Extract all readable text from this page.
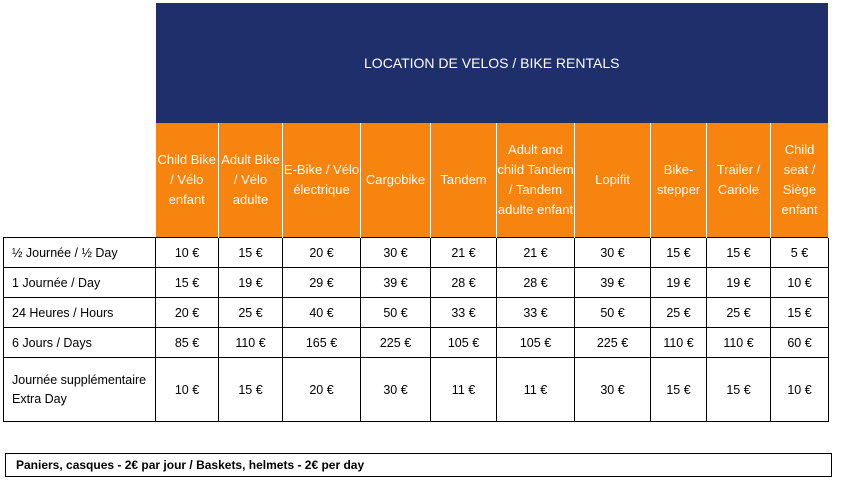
	LOCATION DE VELOS / BIKE RENTALS									
	Child Bike / Vélo enfant	Adult Bike / Vélo adulte	E-Bike / Vélo électrique	Cargobike	Tandem	Adult and child Tandem / Tandem adulte enfant	Lopifit	Bike-stepper	Trailer / Cariole	Child seat / Siège enfant
½ Journée / ½ Day	10 €	15 €	20 €	30 €	21 €	21 €	30 €	15 €	15 €	5 €
1 Journée / Day	15 €	19 €	29 €	39 €	28 €	28 €	39 €	19 €	19 €	10 €
24 Heures / Hours	20 €	25 €	40 €	50 €	33 €	33 €	50 €	25 €	25 €	15 €
6 Jours / Days	85 €	110 €	165 €	225 €	105 €	105 €	225 €	110 €	110 €	60 €
Journée supplémentaire Extra Day	10 €	15 €	20 €	30 €	11 €	11 €	30 €	15 €	15 €	10 €
Paniers, casques - 2€ par jour / Baskets, helmets - 2€ per day
